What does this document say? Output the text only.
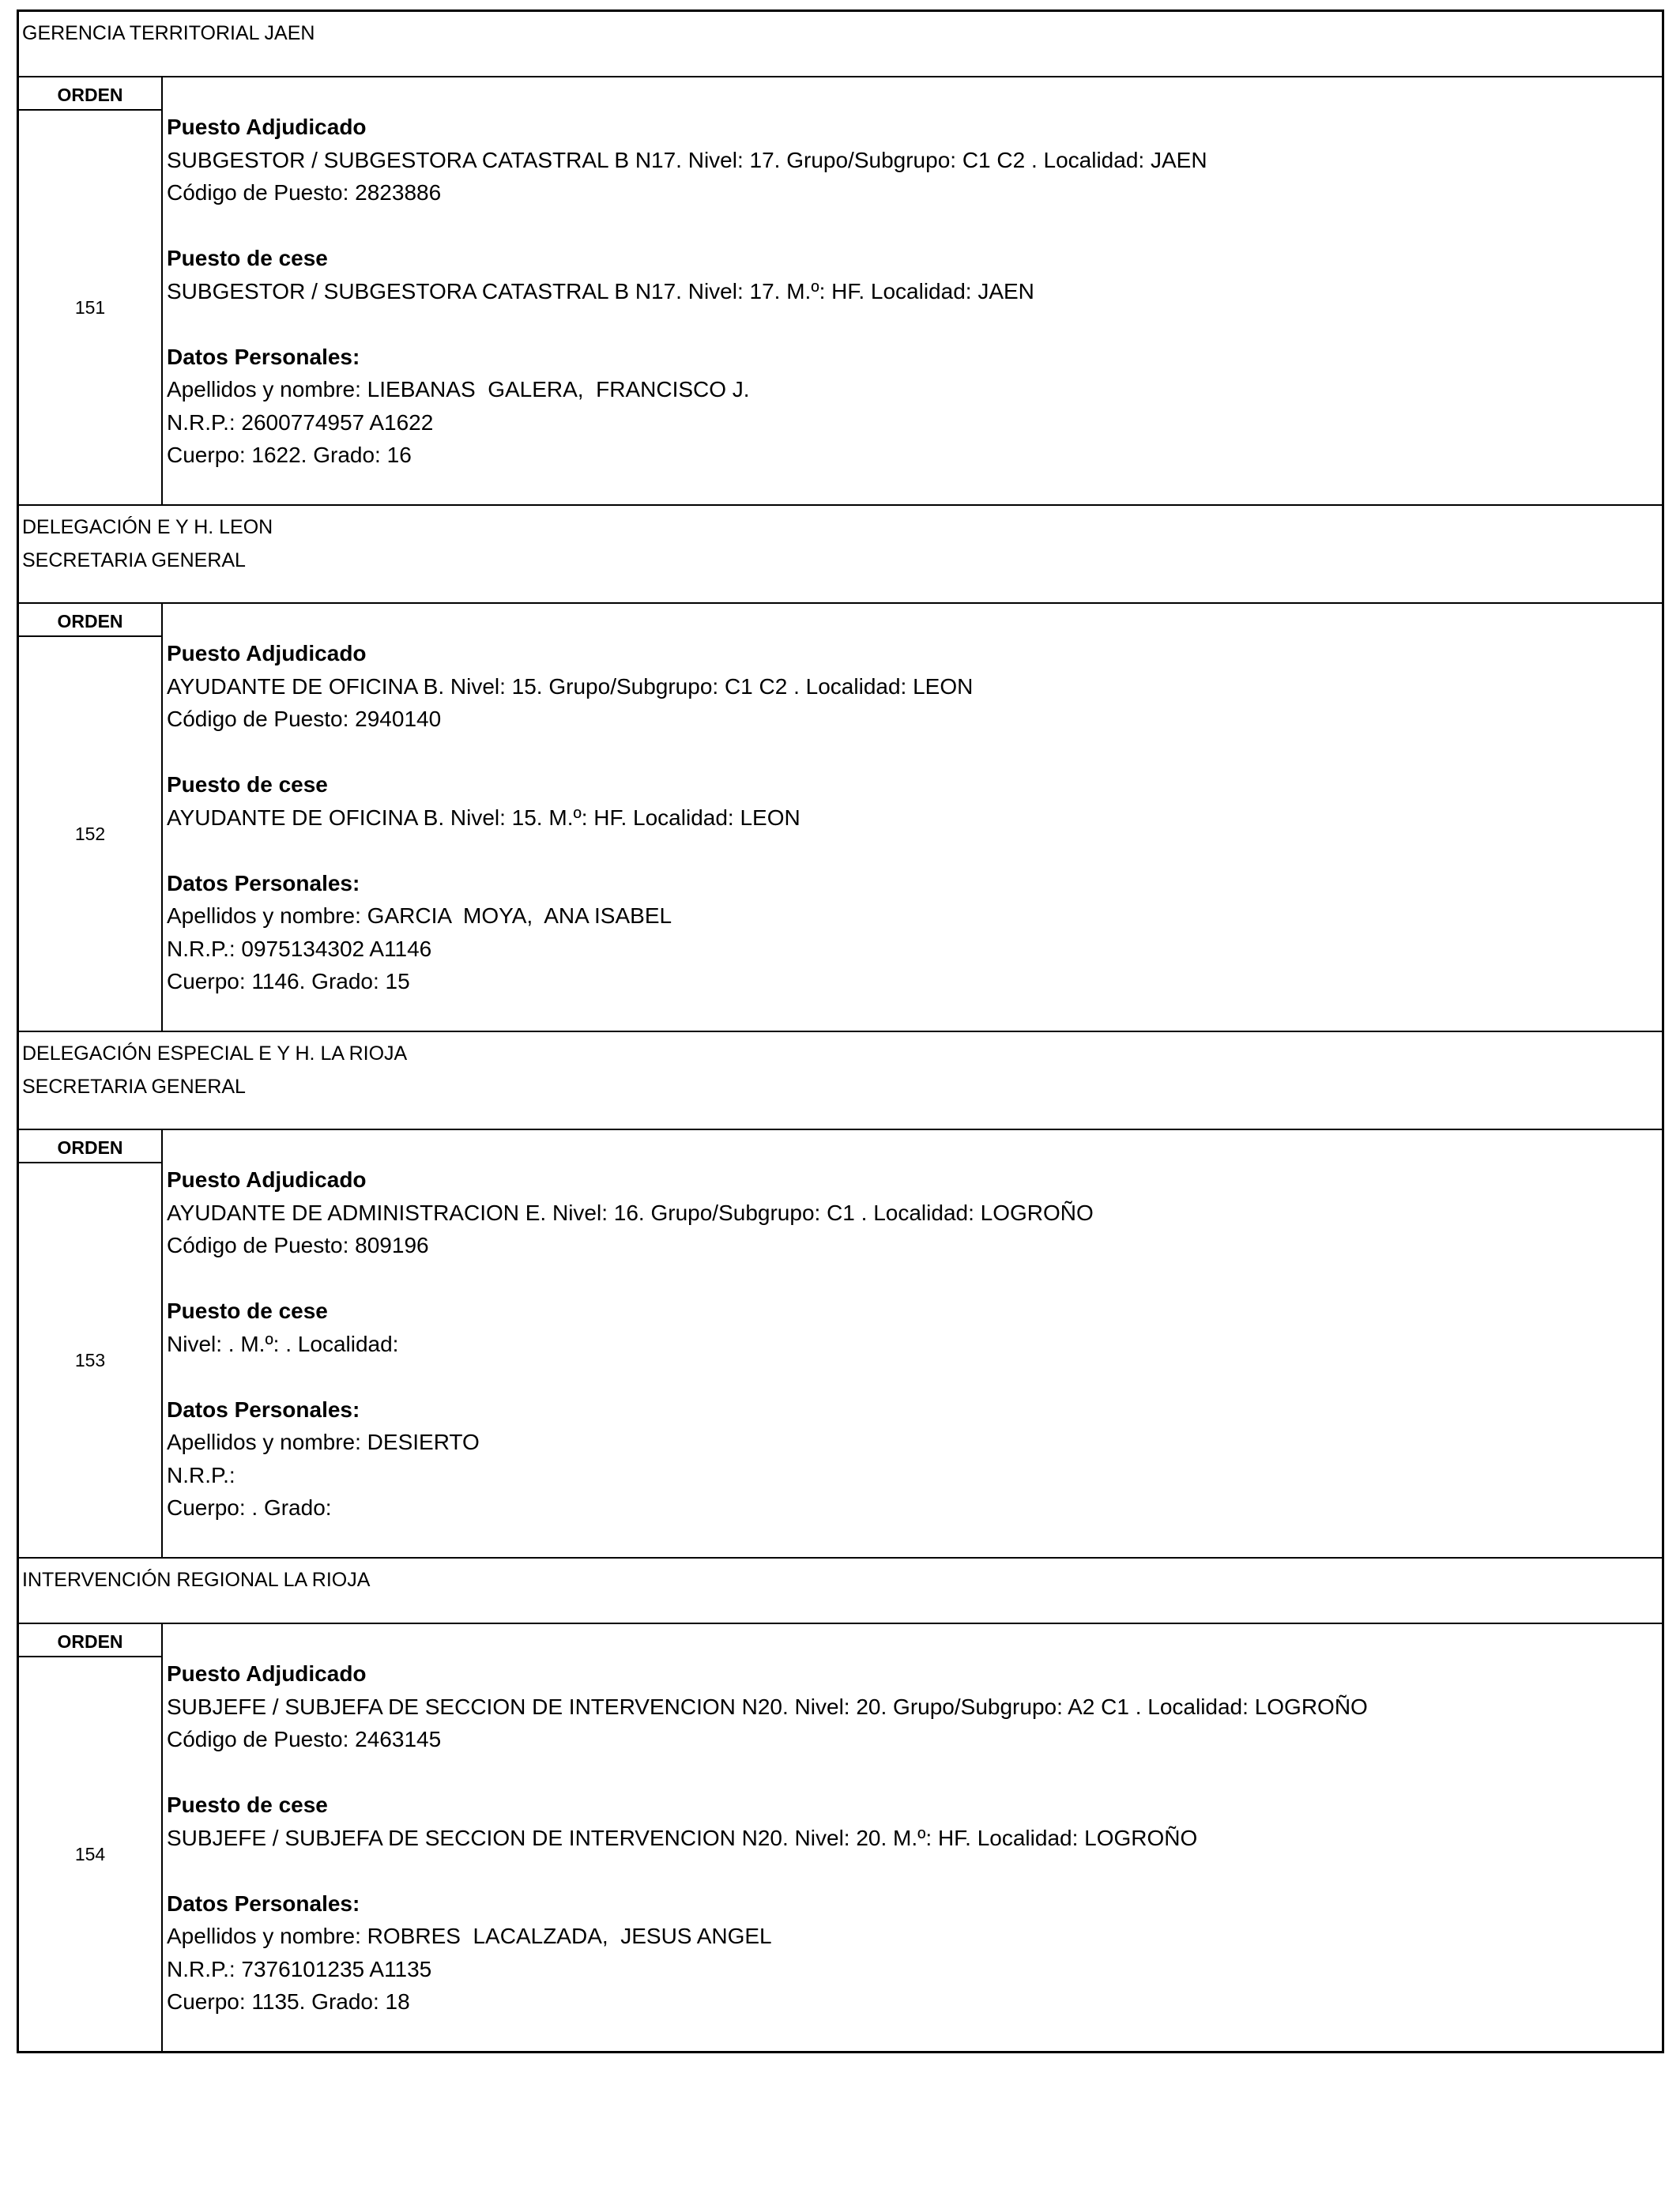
GERENCIA TERRITORIAL JAEN
ORDEN
151
Puesto Adjudicado
SUBGESTOR / SUBGESTORA CATASTRAL B N17. Nivel: 17. Grupo/Subgrupo: C1 C2 . Localidad: JAEN
Código de Puesto: 2823886
Puesto de cese
SUBGESTOR / SUBGESTORA CATASTRAL B N17. Nivel: 17. M.º: HF. Localidad: JAEN
Datos Personales:
Apellidos y nombre: LIEBANAS  GALERA,  FRANCISCO J.
N.R.P.: 2600774957 A1622
Cuerpo: 1622. Grado: 16
DELEGACIÓN E Y H. LEON
SECRETARIA GENERAL
ORDEN
152
Puesto Adjudicado
AYUDANTE DE OFICINA B. Nivel: 15. Grupo/Subgrupo: C1 C2 . Localidad: LEON
Código de Puesto: 2940140
Puesto de cese
AYUDANTE DE OFICINA B. Nivel: 15. M.º: HF. Localidad: LEON
Datos Personales:
Apellidos y nombre: GARCIA  MOYA,  ANA ISABEL
N.R.P.: 0975134302 A1146
Cuerpo: 1146. Grado: 15
DELEGACIÓN ESPECIAL E Y H. LA RIOJA
SECRETARIA GENERAL
ORDEN
153
Puesto Adjudicado
AYUDANTE DE ADMINISTRACION E. Nivel: 16. Grupo/Subgrupo: C1 . Localidad: LOGROÑO
Código de Puesto: 809196
Puesto de cese
Nivel: . M.º: . Localidad:
Datos Personales:
Apellidos y nombre: DESIERTO
N.R.P.:
Cuerpo: . Grado:
INTERVENCIÓN REGIONAL LA RIOJA
ORDEN
154
Puesto Adjudicado
SUBJEFE / SUBJEFA DE SECCION DE INTERVENCION N20. Nivel: 20. Grupo/Subgrupo: A2 C1 . Localidad: LOGROÑO
Código de Puesto: 2463145
Puesto de cese
SUBJEFE / SUBJEFA DE SECCION DE INTERVENCION N20. Nivel: 20. M.º: HF. Localidad: LOGROÑO
Datos Personales:
Apellidos y nombre: ROBRES  LACALZADA,  JESUS ANGEL
N.R.P.: 7376101235 A1135
Cuerpo: 1135. Grado: 18
